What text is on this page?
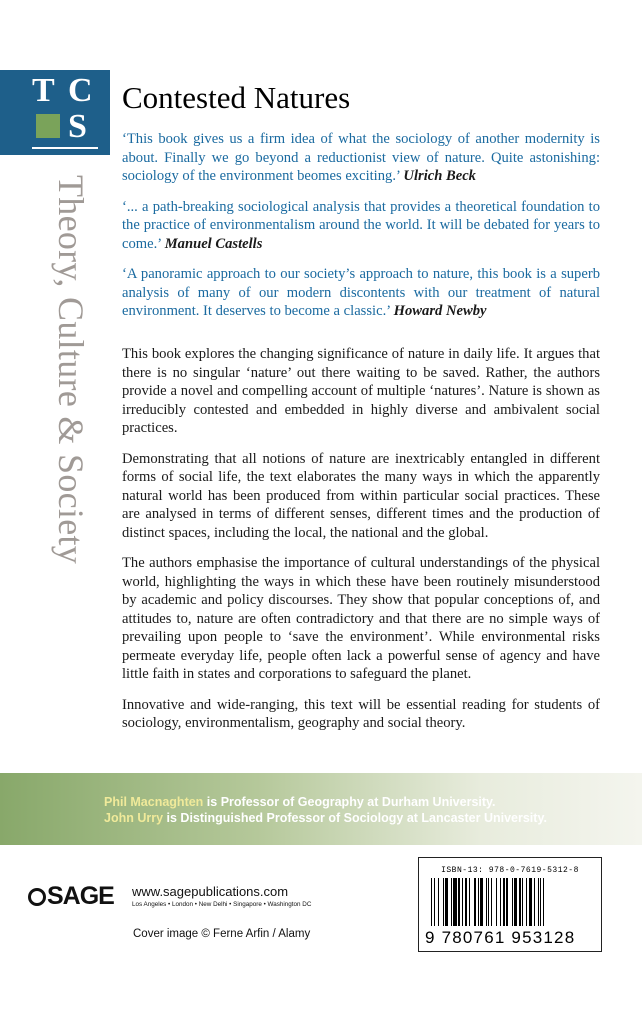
T C
S
Theory, Culture & Society
Contested Natures

‘This book gives us a firm idea of what the sociology of another modernity is about. Finally we go beyond a reductionist view of nature. Quite astonishing: sociology of the environment beomes exciting.’ Ulrich Beck

‘... a path-breaking sociological analysis that provides a theoretical foundation to the practice of environmentalism around the world. It will be debated for years to come.’ Manuel Castells

‘A panoramic approach to our society’s approach to nature, this book is a superb analysis of many of our modern discontents with our treatment of natural environment. It deserves to become a classic.’ Howard Newby

This book explores the changing significance of nature in daily life. It argues that there is no singular ‘nature’ out there waiting to be saved. Rather, the authors provide a novel and compelling account of multiple ‘natures’. Nature is shown as irreducibly contested and embedded in highly diverse and ambivalent social practices.

Demonstrating that all notions of nature are inextricably entangled in different forms of social life, the text elaborates the many ways in which the apparently natural world has been produced from within particular social practices. These are analysed in terms of different senses, different times and the production of distinct spaces, including the local, the national and the global.

The authors emphasise the importance of cultural understandings of the physical world, highlighting the ways in which these have been routinely misunderstood by academic and policy discourses. They show that popular conceptions of, and attitudes to, nature are often contradictory and that there are no simple ways of prevailing upon people to ‘save the environment’. While environmental risks permeate everyday life, people often lack a powerful sense of agency and have little faith in states and corporations to safeguard the planet.

Innovative and wide-ranging, this text will be essential reading for students of sociology, environmentalism, geography and social theory.

Phil Macnaghten is Professor of Geography at Durham University.
John Urry is Distinguished Professor of Sociology at Lancaster University.
SAGE www.sagepublications.com
Los Angeles • London • New Delhi • Singapore • Washington DC
Cover image © Ferne Arfin / Alamy
ISBN-13: 978-0-7619-5312-8
9 780761 953128
